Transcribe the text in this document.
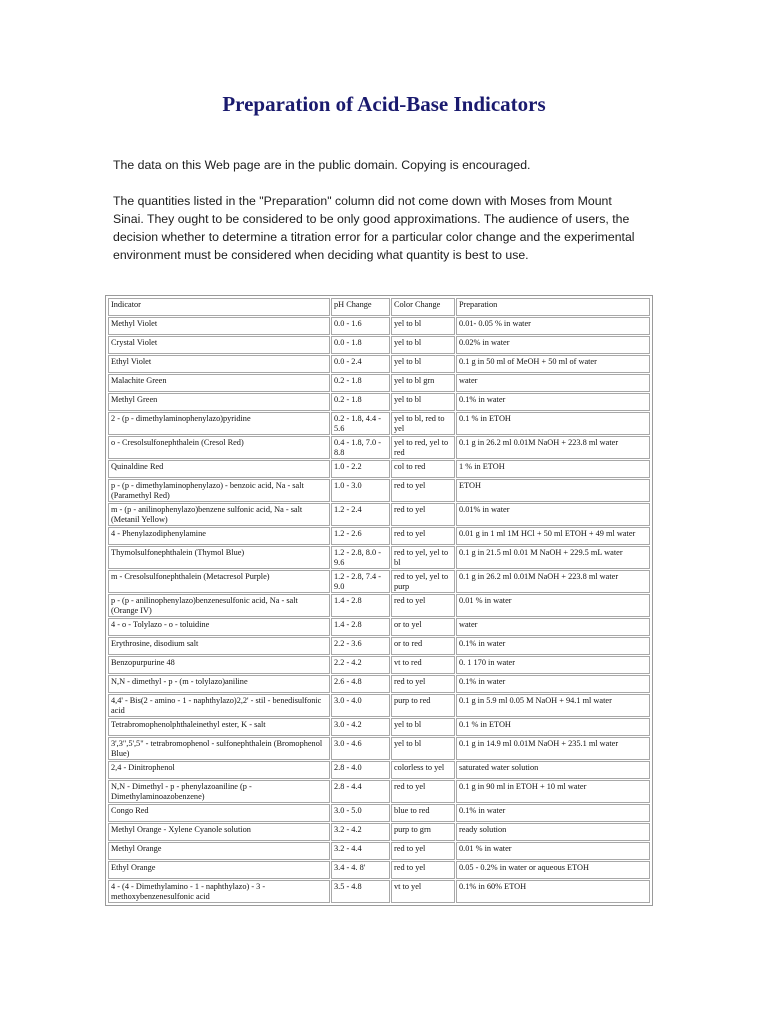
Preparation of Acid-Base Indicators

The data on this Web page are in the public domain. Copying is encouraged.

The quantities listed in the "Preparation" column did not come down with Moses from Mount Sinai. They ought to be considered to be only good approximations. The audience of users, the decision whether to determine a titration error for a particular color change and the experimental environment must be considered when deciding what quantity is best to use.

Indicator	pH Change	Color Change	Preparation
Methyl Violet	0.0 - 1.6	yel to bl	0.01- 0.05 % in water
Crystal Violet	0.0 - 1.8	yel to bl	0.02% in water
Ethyl Violet	0.0 - 2.4	yel to bl	0.1 g in 50 ml of MeOH + 50 ml of water
Malachite Green	0.2 - 1.8	yel to bl grn	water
Methyl Green	0.2 - 1.8	yel to bl	0.1% in water
2 - (p - dimethylaminophenylazo)pyridine	0.2 - 1.8, 4.4 - 5.6	yel to bl, red to yel	0.1 % in ETOH
o - Cresolsulfonephthalein (Cresol Red)	0.4 - 1.8, 7.0 - 8.8	yel to red, yel to red	0.1 g in 26.2 ml 0.01M NaOH + 223.8 ml water
Quinaldine Red	1.0 - 2.2	col to red	1 % in ETOH
p - (p - dimethylaminophenylazo) - benzoic acid, Na - salt (Paramethyl Red)	1.0 - 3.0	red to yel	ETOH
m - (p - anilinophenylazo)benzene sulfonic acid, Na - salt (Metanil Yellow)	1.2 - 2.4	red to yel	0.01% in water
4 - Phenylazodiphenylamine	1.2 - 2.6	red to yel	0.01 g in 1 ml 1M HCl + 50 ml ETOH + 49 ml water
Thymolsulfonephthalein (Thymol Blue)	1.2 - 2.8, 8.0 - 9.6	red to yel, yel to bl	0.1 g in 21.5 ml 0.01 M NaOH + 229.5 mL water
m - Cresolsulfonephthalein (Metacresol Purple)	1.2 - 2.8, 7.4 - 9.0	red to yel, yel to purp	0.1 g in 26.2 ml 0.01M NaOH + 223.8 ml water
p - (p - anilinophenylazo)benzenesulfonic acid, Na - salt (Orange IV)	1.4 - 2.8	red to yel	0.01 % in water
4 - o - Tolylazo - o - toluidine	1.4 - 2.8	or to yel	water
Erythrosine, disodium salt	2.2 - 3.6	or to red	0.1% in water
Benzopurpurine 48	2.2 - 4.2	vt to red	0. 1 170 in water
N,N - dimethyl - p - (m - tolylazo)aniline	2.6 - 4.8	red to yel	0.1% in water
4,4' - Bis(2 - amino - 1 - naphthylazo)2,2' - stil - benedisulfonic acid	3.0 - 4.0	purp to red	0.1 g in 5.9 ml 0.05 M NaOH + 94.1 ml water
Tetrabromophenolphthaleinethyl ester, K - salt	3.0 - 4.2	yel to bl	0.1 % in ETOH
3',3",5',5" - tetrabromophenol - sulfonephthalein (Bromophenol Blue)	3.0 - 4.6	yel to bl	0.1 g in 14.9 ml 0.01M NaOH + 235.1 ml water
2,4 - Dinitrophenol	2.8 - 4.0	colorless to yel	saturated water solution
N,N - Dimethyl - p - phenylazoaniline (p - Dimethylaminoazobenzene)	2.8 - 4.4	red to yel	0.1 g in 90 ml in ETOH + 10 ml water
Congo Red	3.0 - 5.0	blue to red	0.1% in water
Methyl Orange - Xylene Cyanole solution	3.2 - 4.2	purp to grn	ready solution
Methyl Orange	3.2 - 4.4	red to yel	0.01 % in water
Ethyl Orange	3.4 - 4. 8'	red to yel	0.05 - 0.2% in water or aqueous ETOH
4 - (4 - Dimethylamino - 1 - naphthylazo) - 3 - methoxybenzenesulfonic acid	3.5 - 4.8	vt to yel	0.1% in 60% ETOH
